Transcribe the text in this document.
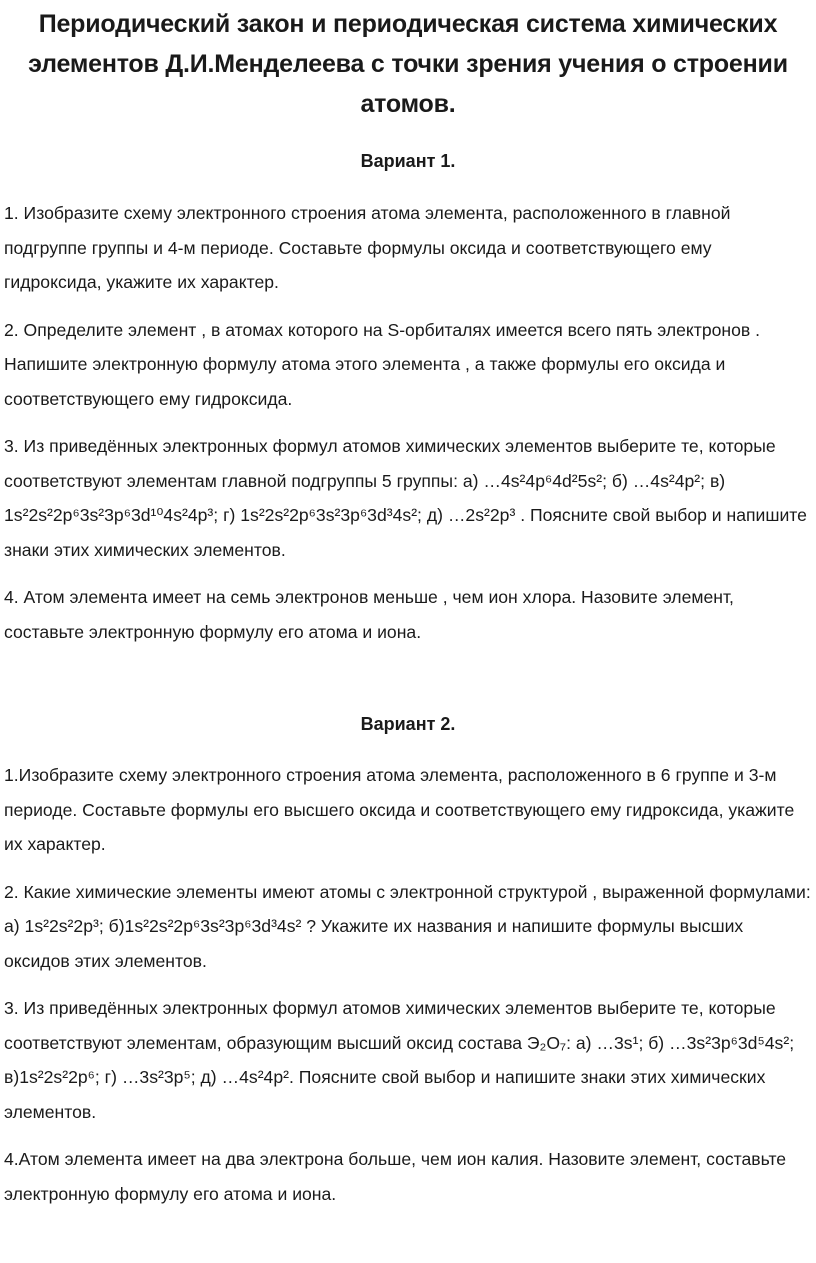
Периодический закон и периодическая система химических элементов Д.И.Менделеева с точки зрения учения о строении атомов.
Вариант 1.

1. Изобразите схему электронного строения атома элемента, расположенного в главной подгруппе группы и 4-м периоде. Составьте формулы оксида и соответствующего ему гидроксида, укажите их характер.

2. Определите элемент , в атомах которого на S-орбиталях имеется всего пять электронов . Напишите электронную формулу атома этого элемента , а также формулы его оксида и соответствующего ему гидроксида.

3. Из приведённых электронных формул атомов химических элементов выберите те, которые соответствуют элементам главной подгруппы 5 группы: а) …4s²4p⁶4d²5s²; б) …4s²4p²; в) 1s²2s²2p⁶3s²3p⁶3d¹⁰4s²4p³; г) 1s²2s²2p⁶3s²3p⁶3d³4s²; д) …2s²2p³ . Поясните свой выбор и напишите знаки этих химических элементов.

4. Атом элемента имеет на семь электронов меньше , чем ион хлора. Назовите элемент, составьте электронную формулу его атома и иона.

Вариант 2.

1.Изобразите схему электронного строения атома элемента, расположенного в 6 группе и 3-м периоде. Составьте формулы его высшего оксида и соответствующего ему гидроксида, укажите их характер.

2. Какие химические элементы имеют атомы с электронной структурой , выраженной формулами: а) 1s²2s²2p³; б)1s²2s²2p⁶3s²3p⁶3d³4s² ? Укажите их названия и напишите формулы высших оксидов этих элементов.

3. Из приведённых электронных формул атомов химических элементов выберите те, которые соответствуют элементам, образующим высший оксид состава Э₂O₇: а) …3s¹; б) …3s²3p⁶3d⁵4s²; в)1s²2s²2p⁶; г) …3s²3p⁵; д) …4s²4p². Поясните свой выбор и напишите знаки этих химических элементов.

4.Атом элемента имеет на два электрона больше, чем ион калия. Назовите элемент, составьте электронную формулу его атома и иона.
